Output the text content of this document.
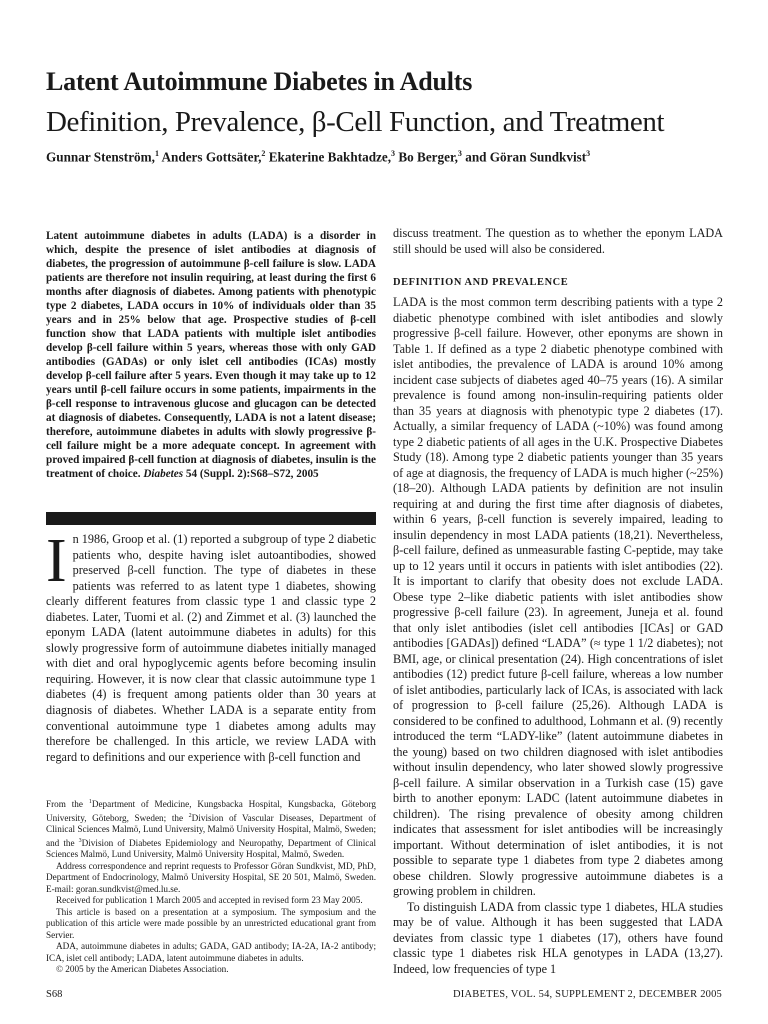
Latent Autoimmune Diabetes in Adults
Definition, Prevalence, β-Cell Function, and Treatment
Gunnar Stenström,$^1$ Anders Gottsäter,$^2$ Ekaterine Bakhtadze,$^3$ Bo Berger,$^3$ and Göran Sundkvist$^3$

Latent autoimmune diabetes in adults (LADA) is a disorder in which, despite the presence of islet antibodies at diagnosis of diabetes, the progression of autoimmune β-cell failure is slow. LADA patients are therefore not insulin requiring, at least during the first 6 months after diagnosis of diabetes. Among patients with phenotypic type 2 diabetes, LADA occurs in 10% of individuals older than 35 years and in 25% below that age. Prospective studies of β-cell function show that LADA patients with multiple islet antibodies develop β-cell failure within 5 years, whereas those with only GAD antibodies (GADAs) or only islet cell antibodies (ICAs) mostly develop β-cell failure after 5 years. Even though it may take up to 12 years until β-cell failure occurs in some patients, impairments in the β-cell response to intravenous glucose and glucagon can be detected at diagnosis of diabetes. Consequently, LADA is not a latent disease; therefore, autoimmune diabetes in adults with slowly progressive β-cell failure might be a more adequate concept. In agreement with proved impaired β-cell function at diagnosis of diabetes, insulin is the treatment of choice. Diabetes 54 (Suppl. 2):S68–S72, 2005

In 1986, Groop et al. (1) reported a subgroup of type 2 diabetic patients who, despite having islet autoantibodies, showed preserved β-cell function. The type of diabetes in these patients was referred to as latent type 1 diabetes, showing clearly different features from classic type 1 and classic type 2 diabetes. Later, Tuomi et al. (2) and Zimmet et al. (3) launched the eponym LADA (latent autoimmune diabetes in adults) for this slowly progressive form of autoimmune diabetes initially managed with diet and oral hypoglycemic agents before becoming insulin requiring. However, it is now clear that classic autoimmune type 1 diabetes (4) is frequent among patients older than 30 years at diagnosis of diabetes. Whether LADA is a separate entity from conventional autoimmune type 1 diabetes among adults may therefore be challenged. In this article, we review LADA with regard to definitions and our experience with β-cell function and

From the $^1$Department of Medicine, Kungsbacka Hospital, Kungsbacka, Göteborg University, Göteborg, Sweden; the $^2$Division of Vascular Diseases, Department of Clinical Sciences Malmö, Lund University, Malmö University Hospital, Malmö, Sweden; and the $^3$Division of Diabetes Epidemiology and Neuropathy, Department of Clinical Sciences Malmö, Lund University, Malmö University Hospital, Malmö, Sweden.

Address correspondence and reprint requests to Professor Göran Sundkvist, MD, PhD, Department of Endocrinology, Malmö University Hospital, SE 20 501, Malmö, Sweden. E-mail: goran.sundkvist@med.lu.se.

Received for publication 1 March 2005 and accepted in revised form 23 May 2005.

This article is based on a presentation at a symposium. The symposium and the publication of this article were made possible by an unrestricted educational grant from Servier.

ADA, autoimmune diabetes in adults; GADA, GAD antibody; IA-2A, IA-2 antibody; ICA, islet cell antibody; LADA, latent autoimmune diabetes in adults.

© 2005 by the American Diabetes Association.

discuss treatment. The question as to whether the eponym LADA still should be used will also be considered.

DEFINITION AND PREVALENCE

LADA is the most common term describing patients with a type 2 diabetic phenotype combined with islet antibodies and slowly progressive β-cell failure. However, other eponyms are shown in Table 1. If defined as a type 2 diabetic phenotype combined with islet antibodies, the prevalence of LADA is around 10% among incident case subjects of diabetes aged 40–75 years (16). A similar prevalence is found among non-insulin-requiring patients older than 35 years at diagnosis with phenotypic type 2 diabetes (17). Actually, a similar frequency of LADA (~10%) was found among type 2 diabetic patients of all ages in the U.K. Prospective Diabetes Study (18). Among type 2 diabetic patients younger than 35 years of age at diagnosis, the frequency of LADA is much higher (~25%) (18–20). Although LADA patients by definition are not insulin requiring at and during the first time after diagnosis of diabetes, within 6 years, β-cell function is severely impaired, leading to insulin dependency in most LADA patients (18,21). Nevertheless, β-cell failure, defined as unmeasurable fasting C-peptide, may take up to 12 years until it occurs in patients with islet antibodies (22). It is important to clarify that obesity does not exclude LADA. Obese type 2–like diabetic patients with islet antibodies show progressive β-cell failure (23). In agreement, Juneja et al. found that only islet antibodies (islet cell antibodies [ICAs] or GAD antibodies [GADAs]) defined “LADA” (≈ type 1 1/2 diabetes); not BMI, age, or clinical presentation (24). High concentrations of islet antibodies (12) predict future β-cell failure, whereas a low number of islet antibodies, particularly lack of ICAs, is associated with lack of progression to β-cell failure (25,26). Although LADA is considered to be confined to adulthood, Lohmann et al. (9) recently introduced the term “LADY-like” (latent autoimmune diabetes in the young) based on two children diagnosed with islet antibodies without insulin dependency, who later showed slowly progressive β-cell failure. A similar observation in a Turkish case (15) gave birth to another eponym: LADC (latent autoimmune diabetes in children). The rising prevalence of obesity among children indicates that assessment for islet antibodies will be increasingly important. Without determination of islet antibodies, it is not possible to separate type 1 diabetes from type 2 diabetes among obese children. Slowly progressive autoimmune diabetes is a growing problem in children.

To distinguish LADA from classic type 1 diabetes, HLA studies may be of value. Although it has been suggested that LADA deviates from classic type 1 diabetes (17), others have found classic type 1 diabetes risk HLA genotypes in LADA (13,27). Indeed, low frequencies of type 1

S68	DIABETES, VOL. 54, SUPPLEMENT 2, DECEMBER 2005
